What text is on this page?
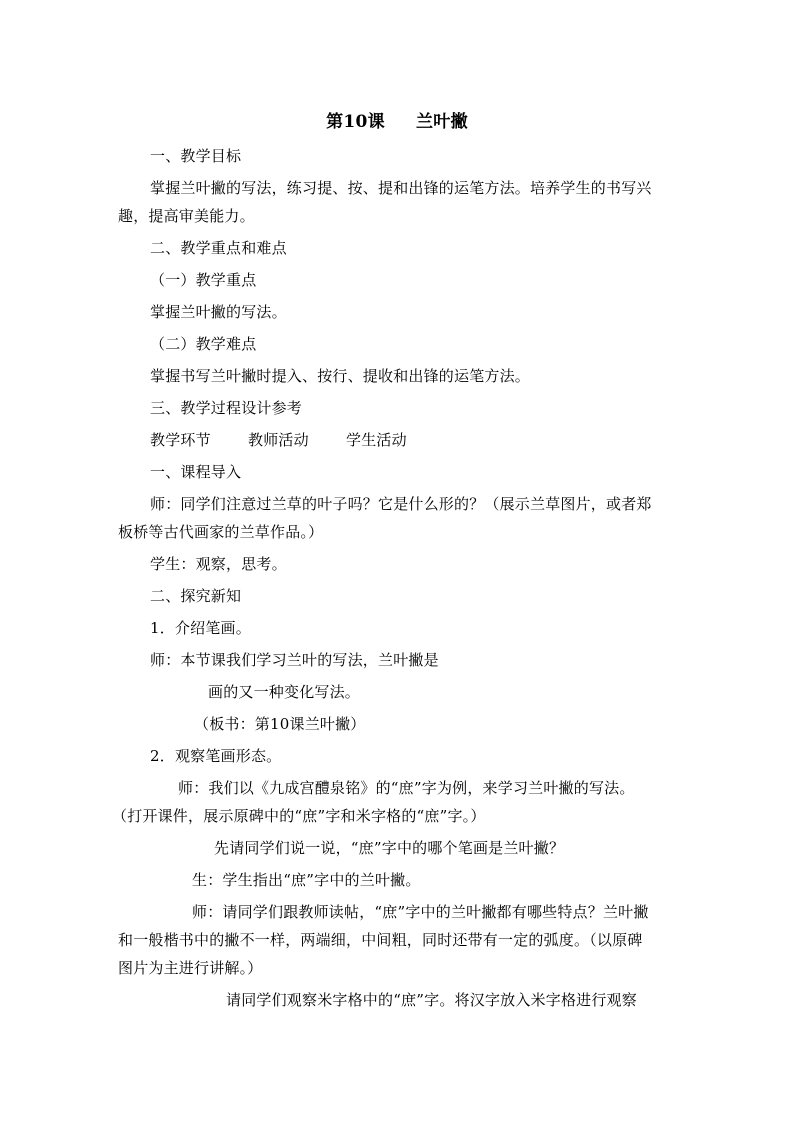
第10课     兰叶撇
一、教学目标
掌握兰叶撇的写法，练习提、按、提和出锋的运笔方法。培养学生的书写兴
趣，提高审美能力。
二、教学重点和难点
（一）教学重点
掌握兰叶撇的写法。
（二）教学难点
掌握书写兰叶撇时提入、按行、提收和出锋的运笔方法。
三、教学过程设计参考
教学环节 教师活动 学生活动
一、课程导入
师：同学们注意过兰草的叶子吗？它是什么形的？（展示兰草图片，或者郑
板桥等古代画家的兰草作品。）
学生：观察，思考。
二、探究新知
1．介绍笔画。
师：本节课我们学习兰叶的写法，兰叶撇是
画的又一种变化写法。
（板书：第10课兰叶撇）
2．观察笔画形态。
师：我们以《九成宫醴泉铭》的“庶”字为例，来学习兰叶撇的写法。
（打开课件，展示原碑中的“庶”字和米字格的“庶”字。）
先请同学们说一说，“庶”字中的哪个笔画是兰叶撇？
生：学生指出“庶”字中的兰叶撇。
师：请同学们跟教师读帖，“庶”字中的兰叶撇都有哪些特点？兰叶撇
和一般楷书中的撇不一样，两端细，中间粗，同时还带有一定的弧度。（以原碑
图片为主进行讲解。）
请同学们观察米字格中的“庶”字。将汉字放入米字格进行观察
